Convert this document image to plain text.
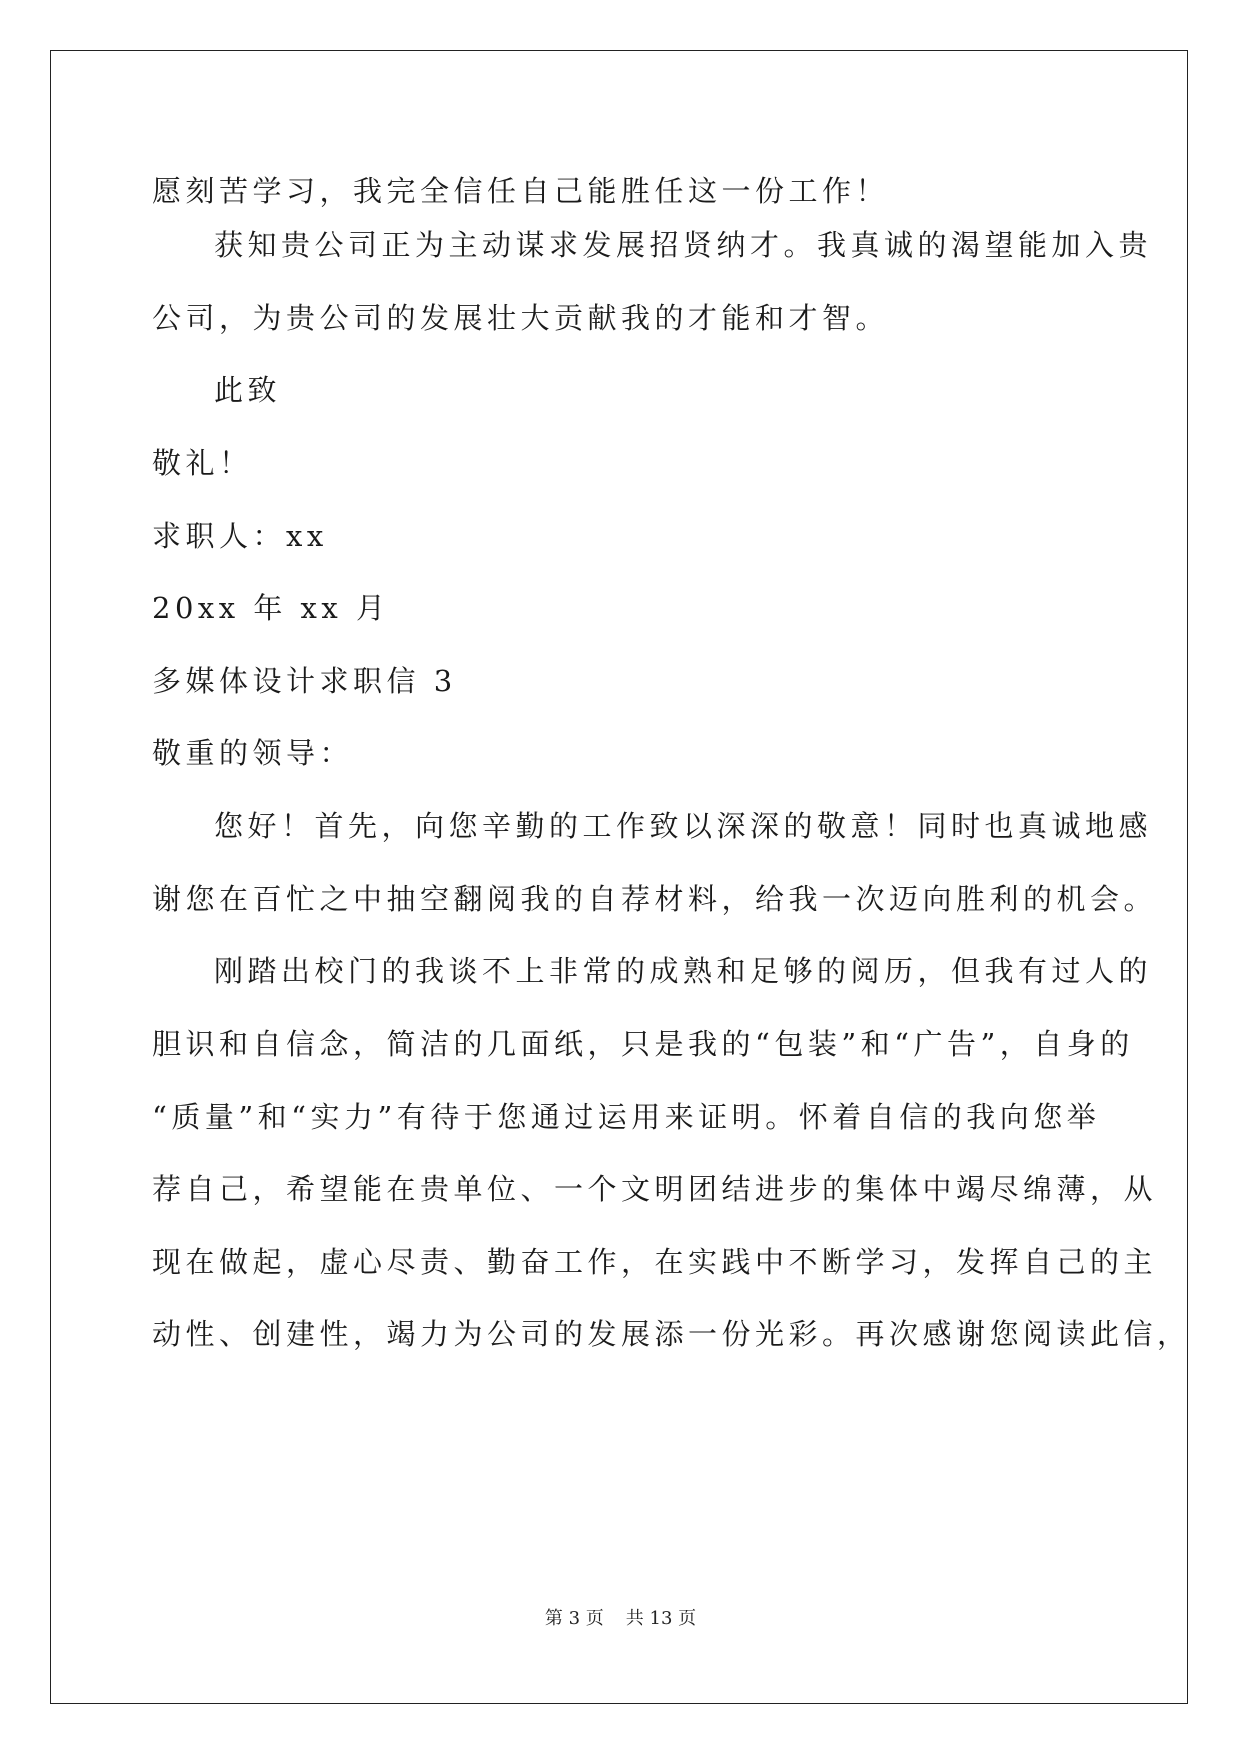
愿刻苦学习，我完全信任自己能胜任这一份工作！
获知贵公司正为主动谋求发展招贤纳才。我真诚的渴望能加入贵
公司，为贵公司的发展壮大贡献我的才能和才智。
此致
敬礼！
求职人：xx
20xx 年 xx 月
多媒体设计求职信 3
敬重的领导：
您好！首先，向您辛勤的工作致以深深的敬意！同时也真诚地感
谢您在百忙之中抽空翻阅我的自荐材料，给我一次迈向胜利的机会。
刚踏出校门的我谈不上非常的成熟和足够的阅历，但我有过人的
胆识和自信念，简洁的几面纸，只是我的“包装”和“广告”，自身的
“质量”和“实力”有待于您通过运用来证明。怀着自信的我向您举
荐自己，希望能在贵单位、一个文明团结进步的集体中竭尽绵薄，从
现在做起，虚心尽责、勤奋工作，在实践中不断学习，发挥自己的主
动性、创建性，竭力为公司的发展添一份光彩。再次感谢您阅读此信，
第 3 页 共 13 页
